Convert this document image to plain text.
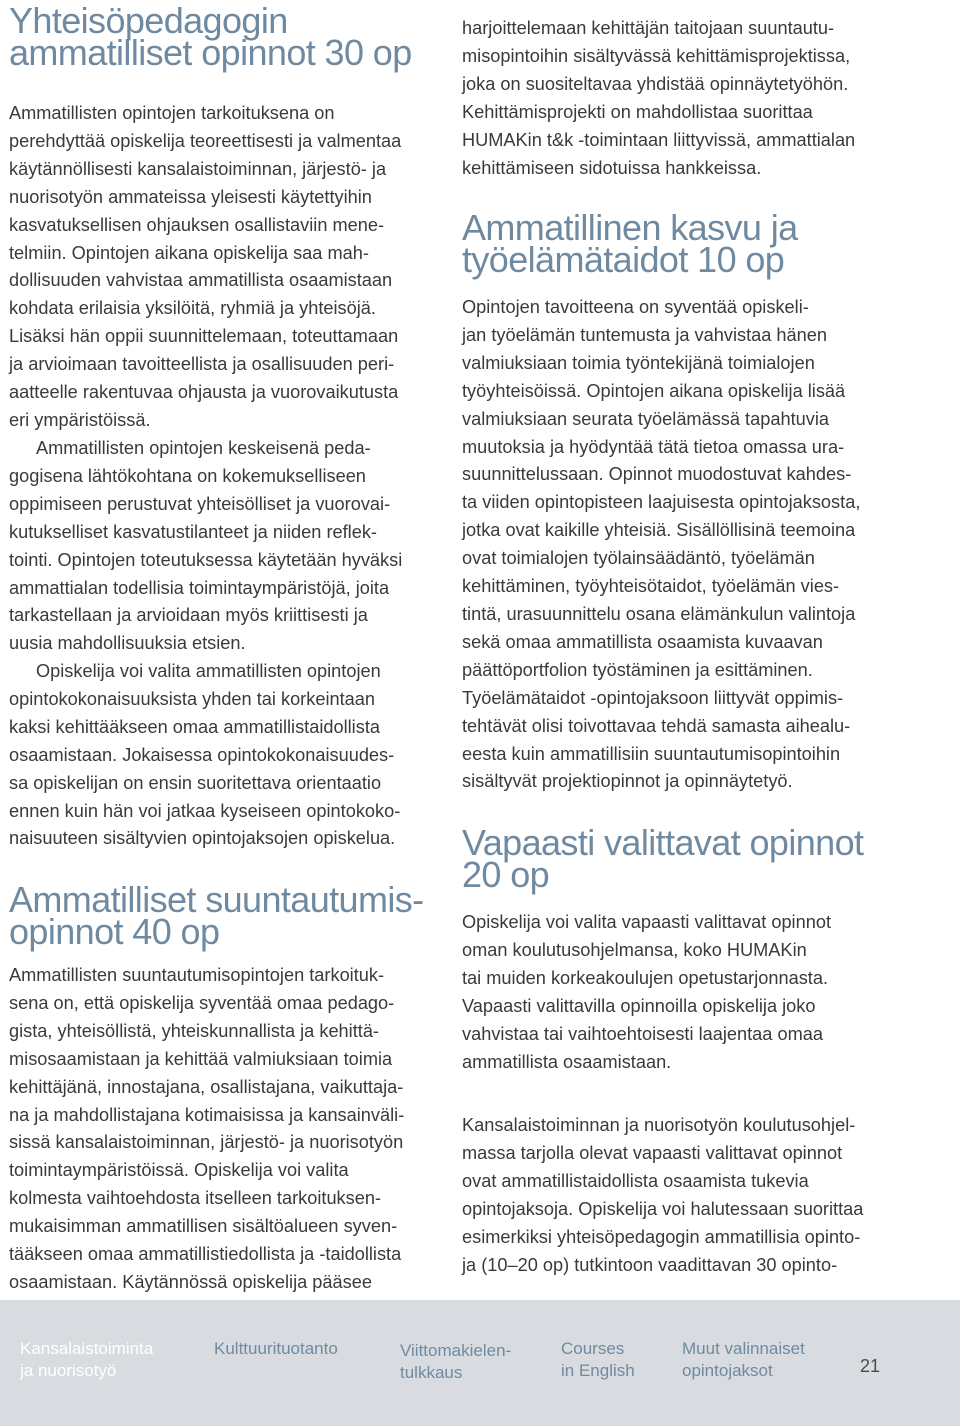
Yhteisöpedagogin
ammatilliset opinnot 30 op
Ammatillisten opintojen tarkoituksena on
perehdyttää opiskelija teoreettisesti ja valmentaa
käytännöllisesti kansalaistoiminnan, järjestö- ja
nuorisotyön ammateissa yleisesti käytettyihin
kasvatuksellisen ohjauksen osallistaviin mene-
telmiin. Opintojen aikana opiskelija saa mah-
dollisuuden vahvistaa ammatillista osaamistaan
kohdata erilaisia yksilöitä, ryhmiä ja yhteisöjä.
Lisäksi hän oppii suunnittelemaan, toteuttamaan
ja arvioimaan tavoitteellista ja osallisuuden peri-
aatteelle rakentuvaa ohjausta ja vuorovaikutusta
eri ympäristöissä.
Ammatillisten opintojen keskeisenä peda-
gogisena lähtökohtana on kokemukselliseen
oppimiseen perustuvat yhteisölliset ja vuorovai-
kutukselliset kasvatustilanteet ja niiden reflek-
tointi. Opintojen toteutuksessa käytetään hyväksi
ammattialan todellisia toimintaympäristöjä, joita
tarkastellaan ja arvioidaan myös kriittisesti ja
uusia mahdollisuuksia etsien.
Opiskelija voi valita ammatillisten opintojen
opintokokonaisuuksista yhden tai korkeintaan
kaksi kehittääkseen omaa ammatillistaidollista
osaamistaan. Jokaisessa opintokokonaisuudes-
sa opiskelijan on ensin suoritettava orientaatio
ennen kuin hän voi jatkaa kyseiseen opintokoko-
naisuuteen sisältyvien opintojaksojen opiskelua.
Ammatilliset suuntautumis-
opinnot 40 op
Ammatillisten suuntautumisopintojen tarkoituk-
sena on, että opiskelija syventää omaa pedago-
gista, yhteisöllistä, yhteiskunnallista ja kehittä-
misosaamistaan ja kehittää valmiuksiaan toimia
kehittäjänä, innostajana, osallistajana, vaikuttaja-
na ja mahdollistajana kotimaisissa ja kansainväli-
sissä kansalaistoiminnan, järjestö- ja nuorisotyön
toimintaympäristöissä. Opiskelija voi valita
kolmesta vaihtoehdosta itselleen tarkoituksen-
mukaisimman ammatillisen sisältöalueen syven-
tääkseen omaa ammatillistiedollista ja -taidollista
osaamistaan. Käytännössä opiskelija pääsee
harjoittelemaan kehittäjän taitojaan suuntautu-
misopintoihin sisältyvässä kehittämisprojektissa,
joka on suositeltavaa yhdistää opinnäytetyöhön.
Kehittämisprojekti on mahdollistaa suorittaa
HUMAKin t&k -toimintaan liittyvissä, ammattialan
kehittämiseen sidotuissa hankkeissa.
Ammatillinen kasvu ja
työelämätaidot 10 op
Opintojen tavoitteena on syventää opiskeli-
jan työelämän tuntemusta ja vahvistaa hänen
valmiuksiaan toimia työntekijänä toimialojen
työyhteisöissä. Opintojen aikana opiskelija lisää
valmiuksiaan seurata työelämässä tapahtuvia
muutoksia ja hyödyntää tätä tietoa omassa ura-
suunnittelussaan. Opinnot muodostuvat kahdes-
ta viiden opintopisteen laajuisesta opintojaksosta,
jotka ovat kaikille yhteisiä. Sisällöllisinä teemoina
ovat toimialojen työlainsäädäntö, työelämän
kehittäminen, työyhteisötaidot, työelämän vies-
tintä, urasuunnittelu osana elämänkulun valintoja
sekä omaa ammatillista osaamista kuvaavan
päättöportfolion työstäminen ja esittäminen.
Työelämätaidot -opintojaksoon liittyvät oppimis-
tehtävät olisi toivottavaa tehdä samasta aihealu-
eesta kuin ammatillisiin suuntautumisopintoihin
sisältyvät projektiopinnot ja opinnäytetyö.
Vapaasti valittavat opinnot
20 op
Opiskelija voi valita vapaasti valittavat opinnot
oman koulutusohjelmansa, koko HUMAKin
tai muiden korkeakoulujen opetustarjonnasta.
Vapaasti valittavilla opinnoilla opiskelija joko
vahvistaa tai vaihtoehtoisesti laajentaa omaa
ammatillista osaamistaan.
Kansalaistoiminnan ja nuorisotyön koulutusohjel-
massa tarjolla olevat vapaasti valittavat opinnot
ovat ammatillistaidollista osaamista tukevia
opintojaksoja. Opiskelija voi halutessaan suorittaa
esimerkiksi yhteisöpedagogin ammatillisia opinto-
ja (10–20 op) tutkintoon vaadittavan 30 opinto-
Kansalaistoiminta
ja nuorisotyö
Kulttuurituotanto	Viittomakielen-
tulkkaus
Courses
in English
Muut valinnaiset
opintojaksot	21
